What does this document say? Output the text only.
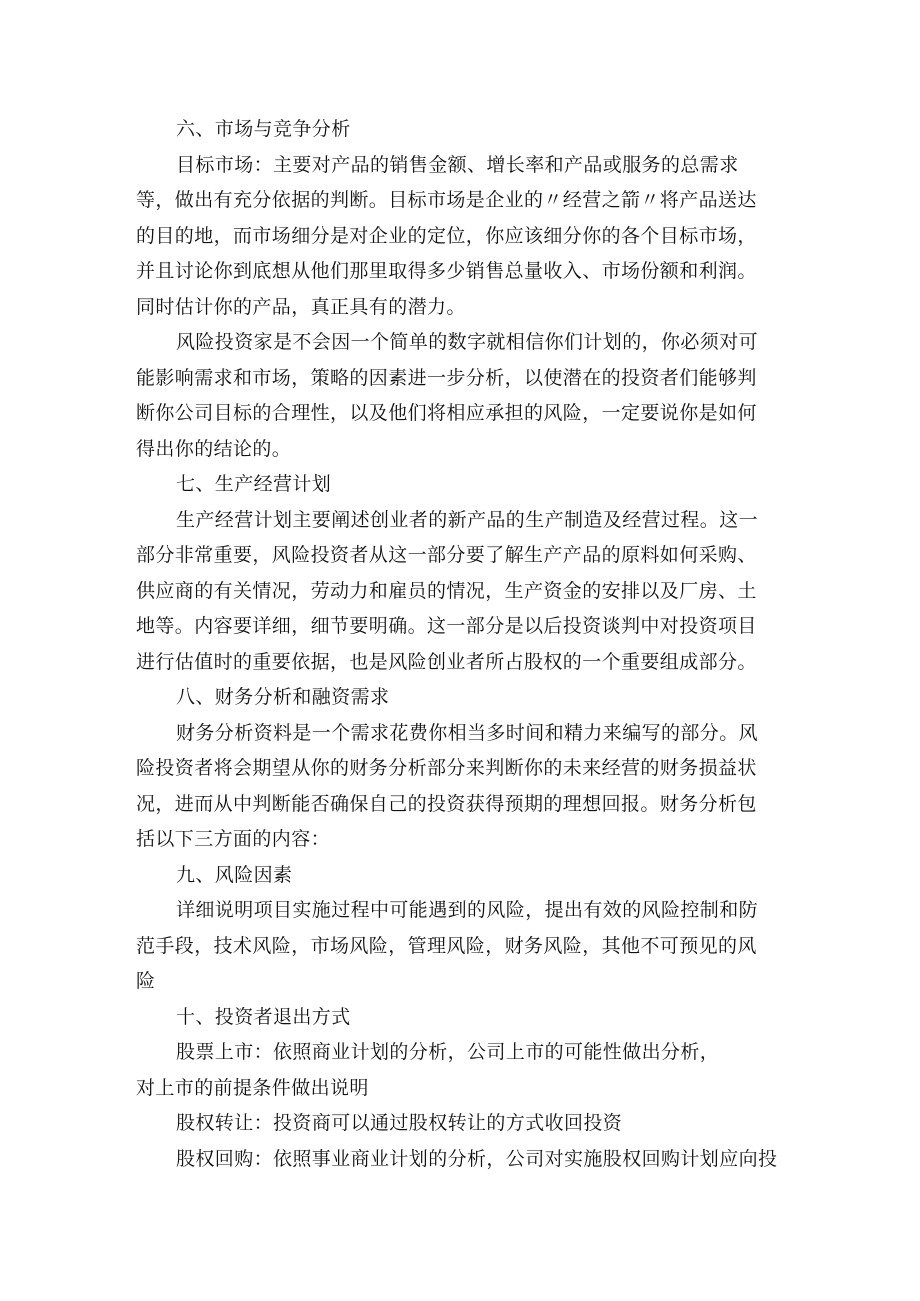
六、市场与竞争分析
目标市场：主要对产品的销售金额、增长率和产品或服务的总需求
等，做出有充分依据的判断。目标市场是企业的〃经营之箭〃将产品送达
的目的地，而市场细分是对企业的定位，你应该细分你的各个目标市场，
并且讨论你到底想从他们那里取得多少销售总量收入、市场份额和利润。
同时估计你的产品，真正具有的潜力。
风险投资家是不会因一个简单的数字就相信你们计划的，你必须对可
能影响需求和市场，策略的因素进一步分析，以使潜在的投资者们能够判
断你公司目标的合理性，以及他们将相应承担的风险，一定要说你是如何
得出你的结论的。
七、生产经营计划
生产经营计划主要阐述创业者的新产品的生产制造及经营过程。这一
部分非常重要，风险投资者从这一部分要了解生产产品的原料如何采购、
供应商的有关情况，劳动力和雇员的情况，生产资金的安排以及厂房、土
地等。内容要详细，细节要明确。这一部分是以后投资谈判中对投资项目
进行估值时的重要依据，也是风险创业者所占股权的一个重要组成部分。
八、财务分析和融资需求
财务分析资料是一个需求花费你相当多时间和精力来编写的部分。风
险投资者将会期望从你的财务分析部分来判断你的未来经营的财务损益状
况，进而从中判断能否确保自己的投资获得预期的理想回报。财务分析包
括以下三方面的内容：
九、风险因素
详细说明项目实施过程中可能遇到的风险，提出有效的风险控制和防
范手段，技术风险，市场风险，管理风险，财务风险，其他不可预见的风
险
十、投资者退出方式
股票上市：依照商业计划的分析，公司上市的可能性做出分析，
对上市的前提条件做出说明
股权转让：投资商可以通过股权转让的方式收回投资
股权回购：依照事业商业计划的分析，公司对实施股权回购计划应向投
